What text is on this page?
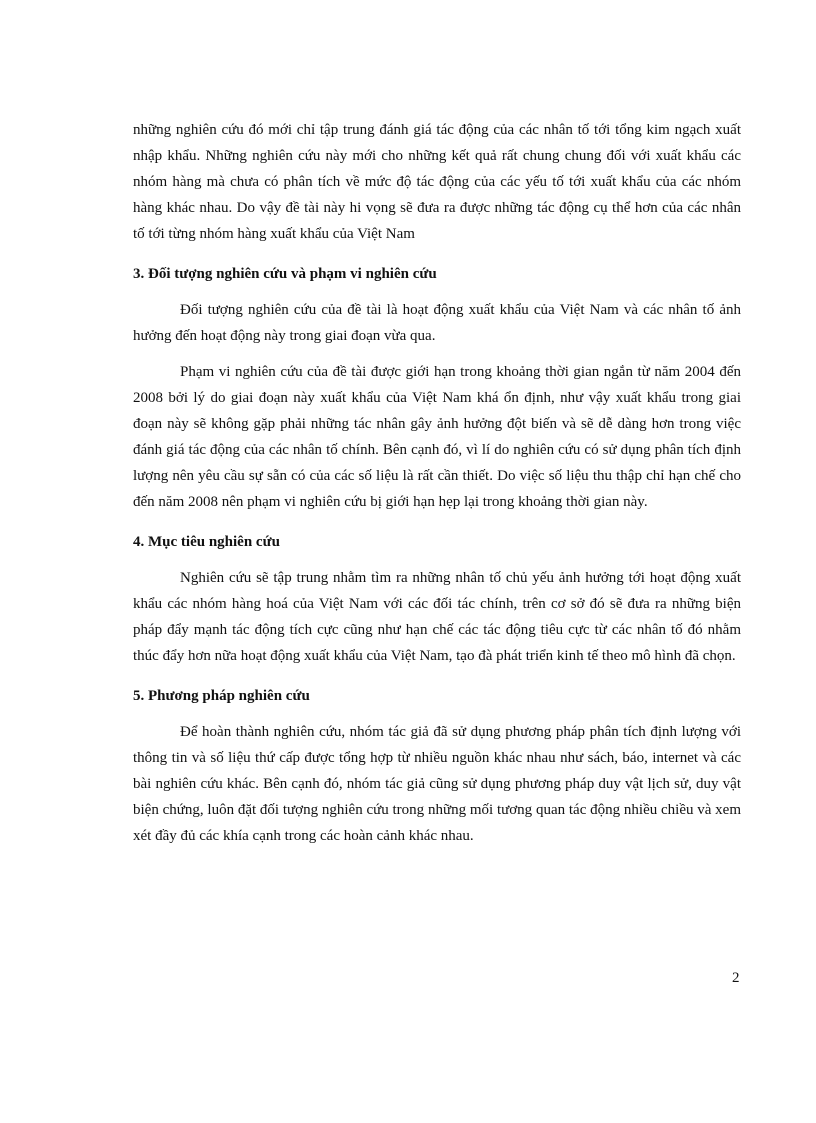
những nghiên cứu đó mới chỉ tập trung đánh giá tác động của các nhân tố tới tổng kim ngạch xuất nhập khẩu. Những nghiên cứu này mới cho những kết quả rất chung chung đối với xuất khẩu các nhóm hàng mà chưa có phân tích về mức độ tác động của các yếu tố tới xuất khẩu của các nhóm hàng khác nhau. Do vậy đề tài này hi vọng sẽ đưa ra được những tác động cụ thể hơn của các nhân tố tới từng nhóm hàng xuất khẩu của Việt Nam

3. Đối tượng nghiên cứu và phạm vi nghiên cứu

Đối tượng nghiên cứu của đề tài là hoạt động xuất khẩu của Việt Nam và các nhân tố ảnh hưởng đến hoạt động này trong giai đoạn vừa qua.

Phạm vi nghiên cứu của đề tài được giới hạn trong khoảng thời gian ngắn từ năm 2004 đến 2008 bởi lý do giai đoạn này xuất khẩu của Việt Nam khá ổn định, như vậy xuất khẩu trong giai đoạn này sẽ không gặp phải những tác nhân gây ảnh hưởng đột biến và sẽ dễ dàng hơn trong việc đánh giá tác động của các nhân tố chính. Bên cạnh đó, vì lí do nghiên cứu có sử dụng phân tích định lượng nên yêu cầu sự sẵn có của các số liệu là rất cần thiết. Do việc số liệu thu thập chỉ hạn chế cho đến năm 2008 nên phạm vi nghiên cứu bị giới hạn hẹp lại trong khoảng thời gian này.

4. Mục tiêu nghiên cứu

Nghiên cứu sẽ tập trung nhằm tìm ra những nhân tố chủ yếu ảnh hưởng tới hoạt động xuất khẩu các nhóm hàng hoá của Việt Nam với các đối tác chính, trên cơ sở đó sẽ đưa ra những biện pháp đẩy mạnh tác động tích cực cũng như hạn chế các tác động tiêu cực từ các nhân tố đó nhằm thúc đẩy hơn nữa hoạt động xuất khẩu của Việt Nam, tạo đà phát triển kinh tế theo mô hình đã chọn.

5. Phương pháp nghiên cứu

Để hoàn thành nghiên cứu, nhóm tác giả đã sử dụng phương pháp phân tích định lượng với thông tin và số liệu thứ cấp được tổng hợp từ nhiều nguồn khác nhau như sách, báo, internet và các bài nghiên cứu khác. Bên cạnh đó, nhóm tác giả cũng sử dụng phương pháp duy vật lịch sử, duy vật biện chứng, luôn đặt đối tượng nghiên cứu trong những mối tương quan tác động nhiều chiều và xem xét đầy đủ các khía cạnh trong các hoàn cảnh khác nhau.

2
